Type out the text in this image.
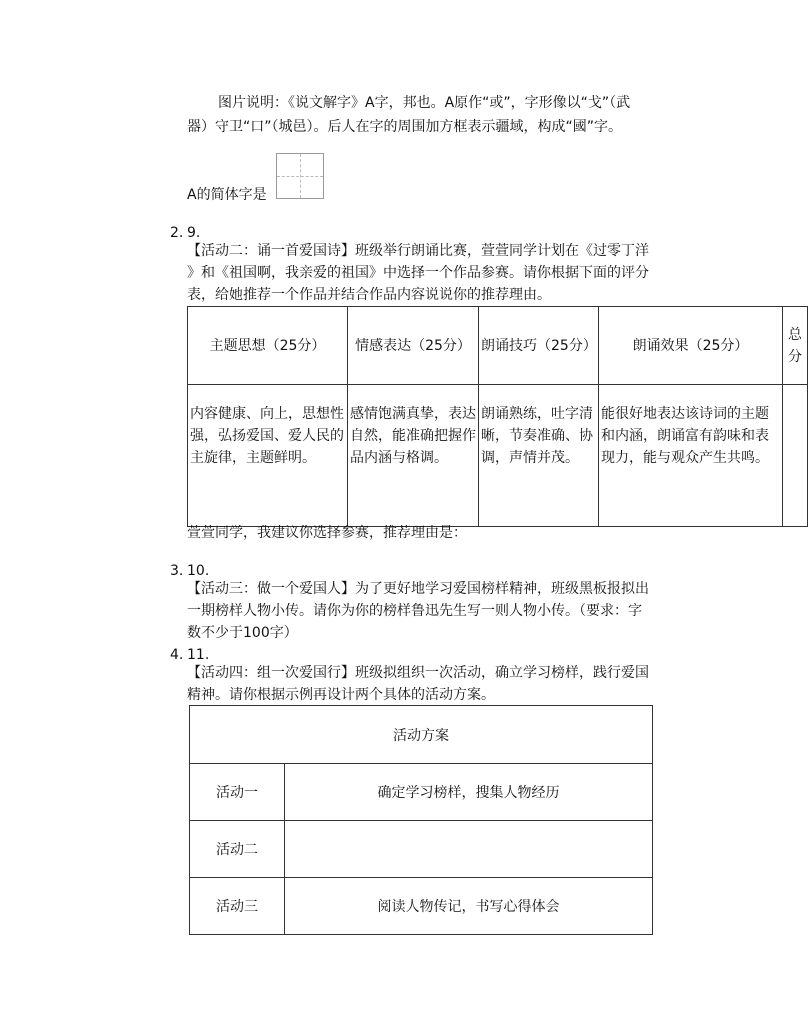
图片说明：《说文解字》A字，邦也。A原作“或”，字形像以“戈”（武
器）守卫“口”（城邑）。后人在字的周围加方框表示疆域，构成“國”字。
A的简体字是
2. 9.
【活动二：诵一首爱国诗】班级举行朗诵比赛，萱萱同学计划在《过零丁洋
》和《祖国啊，我亲爱的祖国》中选择一个作品参赛。请你根据下面的评分
表，给她推荐一个作品并结合作品内容说说你的推荐理由。
主题思想（25分）	情感表达（25分）	朗诵技巧（25分）	朗诵效果（25分）	总分
内容健康、向上，思想性强，弘扬爱国、爱人民的主旋律，主题鲜明。	感情饱满真挚，表达自然，能准确把握作品内涵与格调。	朗诵熟练，吐字清晰，节奏准确、协调，声情并茂。	能很好地表达该诗词的主题和内涵，朗诵富有韵味和表现力，能与观众产生共鸣。	
萱萱同学，我建议你选择参赛，推荐理由是：
3. 10.
【活动三：做一个爱国人】为了更好地学习爱国榜样精神，班级黑板报拟出
一期榜样人物小传。请你为你的榜样鲁迅先生写一则人物小传。（要求：字
数不少于100字）
4. 11.
【活动四：组一次爱国行】班级拟组织一次活动，确立学习榜样，践行爱国
精神。请你根据示例再设计两个具体的活动方案。
活动方案	
活动一	确定学习榜样，搜集人物经历
活动二	
活动三	阅读人物传记，书写心得体会
